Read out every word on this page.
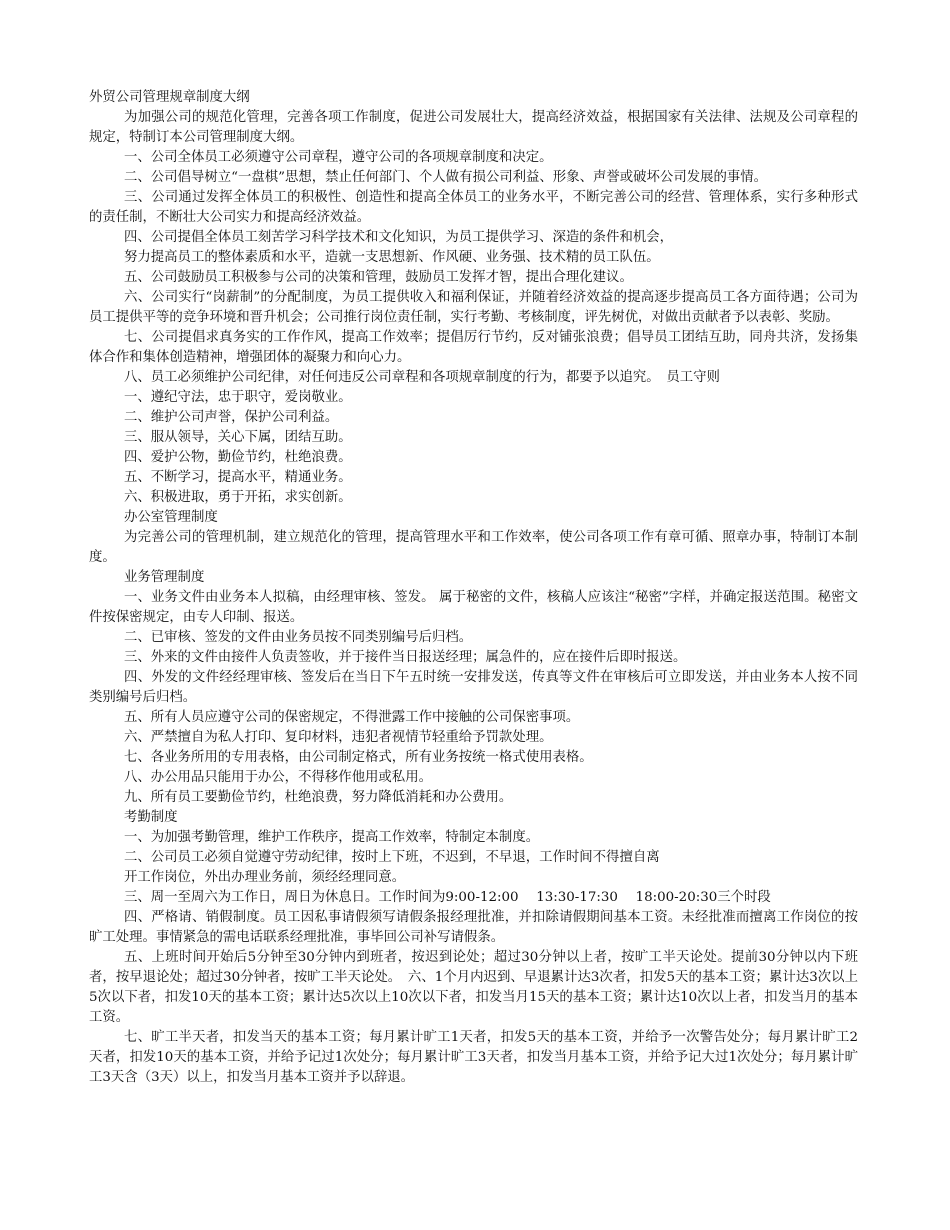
外贸公司管理规章制度大纲

为加强公司的规范化管理，完善各项工作制度，促进公司发展壮大，提高经济效益，根据国家有关法律、法规及公司章程的规定，特制订本公司管理制度大纲。

一、公司全体员工必须遵守公司章程，遵守公司的各项规章制度和决定。

二、公司倡导树立“一盘棋”思想，禁止任何部门、个人做有损公司利益、形象、声誉或破坏公司发展的事情。

三、公司通过发挥全体员工的积极性、创造性和提高全体员工的业务水平，不断完善公司的经营、管理体系，实行多种形式的责任制，不断壮大公司实力和提高经济效益。

四、公司提倡全体员工刻苦学习科学技术和文化知识，为员工提供学习、深造的条件和机会，

努力提高员工的整体素质和水平，造就一支思想新、作风硬、业务强、技术精的员工队伍。

五、公司鼓励员工积极参与公司的决策和管理，鼓励员工发挥才智，提出合理化建议。

六、公司实行“岗薪制”的分配制度，为员工提供收入和福利保证，并随着经济效益的提高逐步提高员工各方面待遇；公司为员工提供平等的竞争环境和晋升机会；公司推行岗位责任制，实行考勤、考核制度，评先树优，对做出贡献者予以表彰、奖励。

七、公司提倡求真务实的工作作风，提高工作效率；提倡厉行节约，反对铺张浪费；倡导员工团结互助，同舟共济，发扬集体合作和集体创造精神，增强团体的凝聚力和向心力。

八、员工必须维护公司纪律，对任何违反公司章程和各项规章制度的行为，都要予以追究。　员工守则

一、遵纪守法，忠于职守，爱岗敬业。

二、维护公司声誉，保护公司利益。

三、服从领导，关心下属，团结互助。

四、爱护公物，勤俭节约，杜绝浪费。

五、不断学习，提高水平，精通业务。

六、积极进取，勇于开拓，求实创新。

办公室管理制度

为完善公司的管理机制，建立规范化的管理，提高管理水平和工作效率，使公司各项工作有章可循、照章办事，特制订本制度。

业务管理制度

一、业务文件由业务本人拟稿，由经理审核、签发。 属于秘密的文件，核稿人应该注“秘密”字样，并确定报送范围。秘密文件按保密规定，由专人印制、报送。

二、已审核、签发的文件由业务员按不同类别编号后归档。

三、外来的文件由接件人负责签收，并于接件当日报送经理；属急件的，应在接件后即时报送。

四、外发的文件经经理审核、签发后在当日下午五时统一安排发送，传真等文件在审核后可立即发送，并由业务本人按不同类别编号后归档。

五、所有人员应遵守公司的保密规定，不得泄露工作中接触的公司保密事项。

六、严禁擅自为私人打印、复印材料，违犯者视情节轻重给予罚款处理。

七、各业务所用的专用表格，由公司制定格式，所有业务按统一格式使用表格。

八、办公用品只能用于办公，不得移作他用或私用。

九、所有员工要勤俭节约，杜绝浪费，努力降低消耗和办公费用。

考勤制度

一、为加强考勤管理，维护工作秩序，提高工作效率，特制定本制度。

二、公司员工必须自觉遵守劳动纪律，按时上下班，不迟到，不早退，工作时间不得擅自离

开工作岗位，外出办理业务前，须经经理同意。

三、周一至周六为工作日，周日为休息日。工作时间为9:00-12:00　 13:30-17:30　 18:00-20:30三个时段

四、严格请、销假制度。员工因私事请假须写请假条报经理批准，并扣除请假期间基本工资。未经批准而擅离工作岗位的按旷工处理。事情紧急的需电话联系经理批准，事毕回公司补写请假条。

五、上班时间开始后5分钟至30分钟内到班者，按迟到论处；超过30分钟以上者，按旷工半天论处。提前30分钟以内下班者，按早退论处；超过30分钟者，按旷工半天论处。　六、1个月内迟到、早退累计达3次者，扣发5天的基本工资；累计达3次以上5次以下者，扣发10天的基本工资；累计达5次以上10次以下者，扣发当月15天的基本工资；累计达10次以上者，扣发当月的基本工资。

七、旷工半天者，扣发当天的基本工资；每月累计旷工1天者，扣发5天的基本工资，并给予一次警告处分；每月累计旷工2天者，扣发10天的基本工资，并给予记过1次处分；每月累计旷工3天者，扣发当月基本工资，并给予记大过1次处分；每月累计旷工3天含（3天）以上，扣发当月基本工资并予以辞退。
